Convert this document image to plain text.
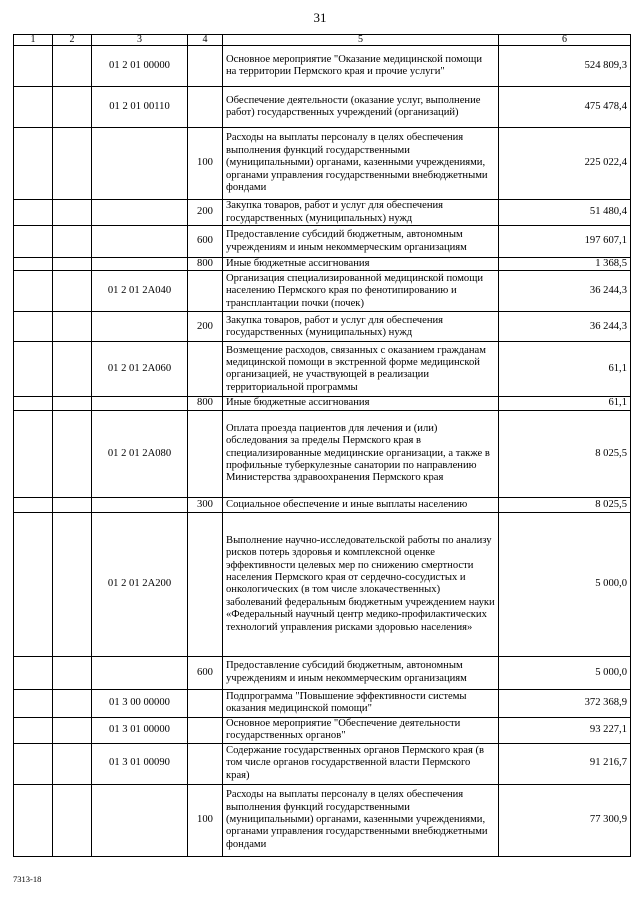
31
1	2	3	4	5	6
		01 2 01 00000		Основное мероприятие "Оказание медицинской помощи на территории Пермского края и прочие услуги"	524 809,3
		01 2 01 00110		Обеспечение деятельности (оказание услуг, выполнение работ) государственных учреждений (организаций)	475 478,4
			100	Расходы на выплаты персоналу в целях обеспечения выполнения функций государственными (муниципальными) органами, казенными учреждениями, органами управления государственными внебюджетными фондами	225 022,4
			200	Закупка товаров, работ и услуг для обеспечения государственных (муниципальных) нужд	51 480,4
			600	Предоставление субсидий бюджетным, автономным учреждениям и иным некоммерческим организациям	197 607,1
			800	Иные бюджетные ассигнования	1 368,5
		01 2 01 2А040		Организация специализированной медицинской помощи населению Пермского края по фенотипированию и трансплантации почки (почек)	36 244,3
			200	Закупка товаров, работ и услуг для обеспечения государственных (муниципальных) нужд	36 244,3
		01 2 01 2А060		Возмещение расходов, связанных с оказанием гражданам медицинской помощи в экстренной форме медицинской организацией, не участвующей в реализации территориальной программы	61,1
			800	Иные бюджетные ассигнования	61,1
		01 2 01 2А080		Оплата проезда пациентов для лечения и (или) обследования за пределы Пермского края в специализированные медицинские организации, а также в профильные туберкулезные санатории по направлению Министерства здравоохранения Пермского края	8 025,5
			300	Социальное обеспечение и иные выплаты населению	8 025,5
		01 2 01 2А200		Выполнение научно-исследовательской работы по анализу рисков потерь здоровья и комплексной оценке эффективности целевых мер по снижению смертности населения Пермского края от сердечно-сосудистых и онкологических (в том числе злокачественных) заболеваний федеральным бюджетным учреждением науки «Федеральный научный центр медико-профилактических технологий управления рисками здоровью населения»	5 000,0
			600	Предоставление субсидий бюджетным, автономным учреждениям и иным некоммерческим организациям	5 000,0
		01 3 00 00000		Подпрограмма "Повышение эффективности системы оказания медицинской помощи"	372 368,9
		01 3 01 00000		Основное мероприятие "Обеспечение деятельности государственных органов"	93 227,1
		01 3 01 00090		Содержание государственных органов Пермского края (в том числе органов государственной власти Пермского края)	91 216,7
			100	Расходы на выплаты персоналу в целях обеспечения выполнения функций государственными (муниципальными) органами, казенными учреждениями, органами управления государственными внебюджетными фондами	77 300,9
7313-18
